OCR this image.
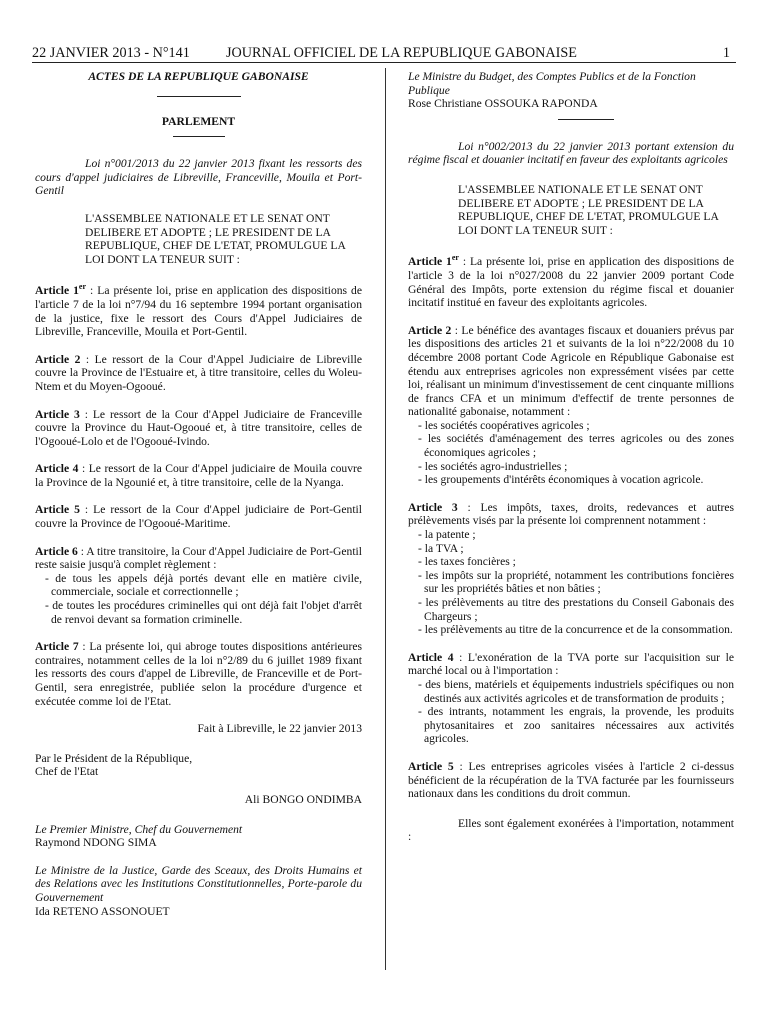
22 JANVIER 2013 - N°141	JOURNAL OFFICIEL DE LA REPUBLIQUE GABONAISE	1

ACTES DE LA REPUBLIQUE GABONAISE

PARLEMENT

Loi n°001/2013 du 22 janvier 2013 fixant les ressorts des cours d'appel judiciaires de Libreville, Franceville, Mouila et Port-Gentil

L'ASSEMBLEE NATIONALE ET LE SENAT ONT DELIBERE ET ADOPTE ; LE PRESIDENT DE LA REPUBLIQUE, CHEF DE L'ETAT, PROMULGUE LA LOI DONT LA TENEUR SUIT :

Article 1er : La présente loi, prise en application des dispositions de l'article 7 de la loi n°7/94 du 16 septembre 1994 portant organisation de la justice, fixe le ressort des Cours d'Appel Judiciaires de Libreville, Franceville, Mouila et Port-Gentil.

Article 2 : Le ressort de la Cour d'Appel Judiciaire de Libreville couvre la Province de l'Estuaire et, à titre transitoire, celles du Woleu-Ntem et du Moyen-Ogooué.

Article 3 : Le ressort de la Cour d'Appel Judiciaire de Franceville couvre la Province du Haut-Ogooué et, à titre transitoire, celles de l'Ogooué-Lolo et de l'Ogooué-Ivindo.

Article 4 : Le ressort de la Cour d'Appel judiciaire de Mouila couvre la Province de la Ngounié et, à titre transitoire, celle de la Nyanga.

Article 5 : Le ressort de la Cour d'Appel judiciaire de Port-Gentil couvre la Province de l'Ogooué-Maritime.

Article 6 : A titre transitoire, la Cour d'Appel Judiciaire de Port-Gentil reste saisie jusqu'à complet règlement :

- de tous les appels déjà portés devant elle en matière civile, commerciale, sociale et correctionnelle ;

- de toutes les procédures criminelles qui ont déjà fait l'objet d'arrêt de renvoi devant sa formation criminelle.

Article 7 : La présente loi, qui abroge toutes dispositions antérieures contraires, notamment celles de la loi n°2/89 du 6 juillet 1989 fixant les ressorts des cours d'appel de Libreville, de Franceville et de Port-Gentil, sera enregistrée, publiée selon la procédure d'urgence et exécutée comme loi de l'Etat.

Fait à Libreville, le 22 janvier 2013

Par le Président de la République,

Chef de l'Etat

Ali BONGO ONDIMBA

Le Premier Ministre, Chef du Gouvernement

Raymond NDONG SIMA

Le Ministre de la Justice, Garde des Sceaux, des Droits Humains et des Relations avec les Institutions Constitutionnelles, Porte-parole du Gouvernement

Ida RETENO ASSONOUET

Le Ministre du Budget, des Comptes Publics et de la Fonction Publique

Rose Christiane OSSOUKA RAPONDA

Loi n°002/2013 du 22 janvier 2013 portant extension du régime fiscal et douanier incitatif en faveur des exploitants agricoles

L'ASSEMBLEE NATIONALE ET LE SENAT ONT DELIBERE ET ADOPTE ; LE PRESIDENT DE LA REPUBLIQUE, CHEF DE L'ETAT, PROMULGUE LA LOI DONT LA TENEUR SUIT :

Article 1er : La présente loi, prise en application des dispositions de l'article 3 de la loi n°027/2008 du 22 janvier 2009 portant Code Général des Impôts, porte extension du régime fiscal et douanier incitatif institué en faveur des exploitants agricoles.

Article 2 : Le bénéfice des avantages fiscaux et douaniers prévus par les dispositions des articles 21 et suivants de la loi n°22/2008 du 10 décembre 2008 portant Code Agricole en République Gabonaise est étendu aux entreprises agricoles non expressément visées par cette loi, réalisant un minimum d'investissement de cent cinquante millions de francs CFA et un minimum d'effectif de trente personnes de nationalité gabonaise, notamment :

- les sociétés coopératives agricoles ;

- les sociétés d'aménagement des terres agricoles ou des zones économiques agricoles ;

- les sociétés agro-industrielles ;

- les groupements d'intérêts économiques à vocation agricole.

Article 3 : Les impôts, taxes, droits, redevances et autres prélèvements visés par la présente loi comprennent notamment :

- la patente ;

- la TVA ;

- les taxes foncières ;

- les impôts sur la propriété, notamment les contributions foncières sur les propriétés bâties et non bâties ;

- les prélèvements au titre des prestations du Conseil Gabonais des Chargeurs ;

- les prélèvements au titre de la concurrence et de la consommation.

Article 4 : L'exonération de la TVA porte sur l'acquisition sur le marché local ou à l'importation :

- des biens, matériels et équipements industriels spécifiques ou non destinés aux activités agricoles et de transformation de produits ;

- des intrants, notamment les engrais, la provende, les produits phytosanitaires et zoo sanitaires nécessaires aux activités agricoles.

Article 5 : Les entreprises agricoles visées à l'article 2 ci-dessus bénéficient de la récupération de la TVA facturée par les fournisseurs nationaux dans les conditions du droit commun.

Elles sont également exonérées à l'importation, notamment :
